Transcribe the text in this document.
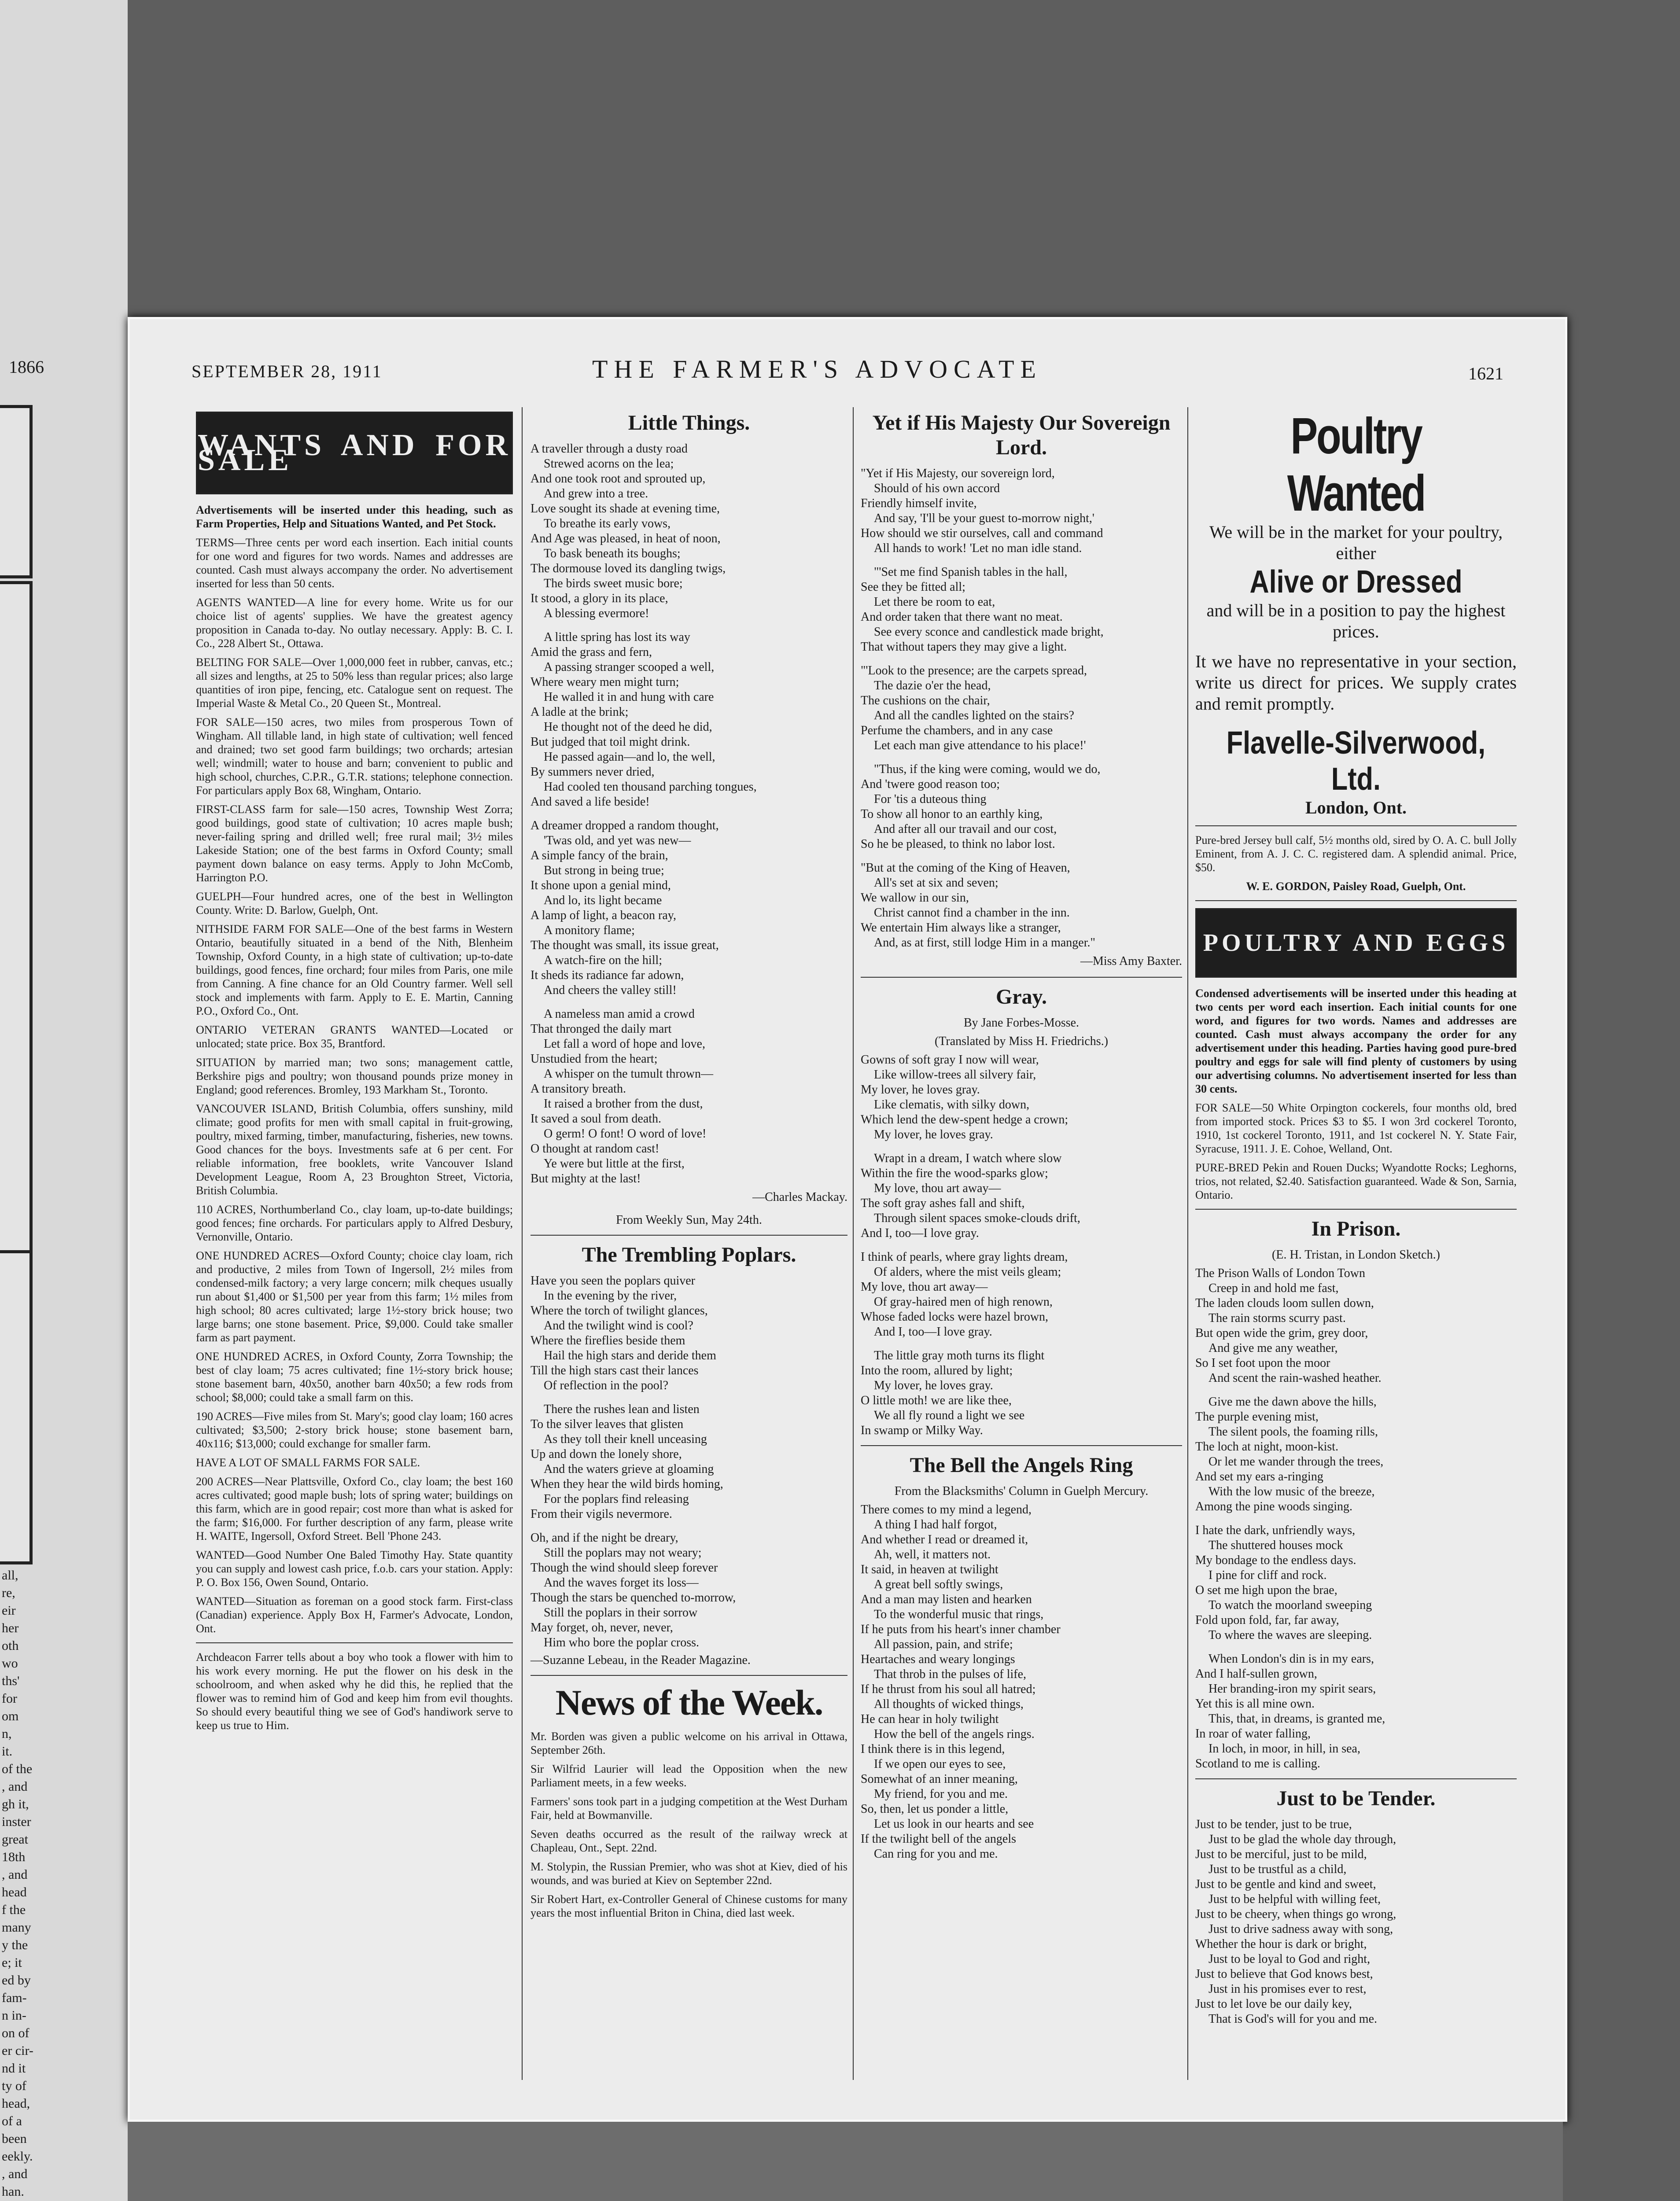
1866
all,
re,
eir
her
oth
wo
ths'
for
om
n,
it.
of the
, and
gh it,
inster
great
18th
, and
head
f the
many
y the
e; it
ed by
fam-
n in-
on of
er cir-
nd it
ty of
head,
of a
been
eekly.
, and
han.
SEPTEMBER 28, 1911	THE FARMER'S ADVOCATE	1621
WANTS AND FOR SALE
Advertisements will be inserted under this heading, such as Farm Properties, Help and Situations Wanted, and Pet Stock.
TERMS—Three cents per word each insertion. Each initial counts for one word and figures for two words. Names and addresses are counted. Cash must always accompany the order. No advertisement inserted for less than 50 cents.
AGENTS WANTED—A line for every home. Write us for our choice list of agents' supplies. We have the greatest agency proposition in Canada to-day. No outlay necessary. Apply: B. C. I. Co., 228 Albert St., Ottawa.
BELTING FOR SALE—Over 1,000,000 feet in rubber, canvas, etc.; all sizes and lengths, at 25 to 50% less than regular prices; also large quantities of iron pipe, fencing, etc. Catalogue sent on request. The Imperial Waste & Metal Co., 20 Queen St., Montreal.
FOR SALE—150 acres, two miles from prosperous Town of Wingham. All tillable land, in high state of cultivation; well fenced and drained; two set good farm buildings; two orchards; artesian well; windmill; water to house and barn; convenient to public and high school, churches, C.P.R., G.T.R. stations; telephone connection. For particulars apply Box 68, Wingham, Ontario.
FIRST-CLASS farm for sale—150 acres, Township West Zorra; good buildings, good state of cultivation; 10 acres maple bush; never-failing spring and drilled well; free rural mail; 3½ miles Lakeside Station; one of the best farms in Oxford County; small payment down balance on easy terms. Apply to John McComb, Harrington P.O.
GUELPH—Four hundred acres, one of the best in Wellington County. Write: D. Barlow, Guelph, Ont.
NITHSIDE FARM FOR SALE—One of the best farms in Western Ontario, beautifully situated in a bend of the Nith, Blenheim Township, Oxford County, in a high state of cultivation; up-to-date buildings, good fences, fine orchard; four miles from Paris, one mile from Canning. A fine chance for an Old Country farmer. Well sell stock and implements with farm. Apply to E. E. Martin, Canning P.O., Oxford Co., Ont.
ONTARIO VETERAN GRANTS WANTED—Located or unlocated; state price. Box 35, Brantford.
SITUATION by married man; two sons; management cattle, Berkshire pigs and poultry; won thousand pounds prize money in England; good references. Bromley, 193 Markham St., Toronto.
VANCOUVER ISLAND, British Columbia, offers sunshiny, mild climate; good profits for men with small capital in fruit-growing, poultry, mixed farming, timber, manufacturing, fisheries, new towns. Good chances for the boys. Investments safe at 6 per cent. For reliable information, free booklets, write Vancouver Island Development League, Room A, 23 Broughton Street, Victoria, British Columbia.
110 ACRES, Northumberland Co., clay loam, up-to-date buildings; good fences; fine orchards. For particulars apply to Alfred Desbury, Vernonville, Ontario.
ONE HUNDRED ACRES—Oxford County; choice clay loam, rich and productive, 2 miles from Town of Ingersoll, 2½ miles from condensed-milk factory; a very large concern; milk cheques usually run about $1,400 or $1,500 per year from this farm; 1½ miles from high school; 80 acres cultivated; large 1½-story brick house; two large barns; one stone basement. Price, $9,000. Could take smaller farm as part payment.
ONE HUNDRED ACRES, in Oxford County, Zorra Township; the best of clay loam; 75 acres cultivated; fine 1½-story brick house; stone basement barn, 40x50, another barn 40x50; a few rods from school; $8,000; could take a small farm on this.
190 ACRES—Five miles from St. Mary's; good clay loam; 160 acres cultivated; $3,500; 2-story brick house; stone basement barn, 40x116; $13,000; could exchange for smaller farm.
HAVE A LOT OF SMALL FARMS FOR SALE.
200 ACRES—Near Plattsville, Oxford Co., clay loam; the best 160 acres cultivated; good maple bush; lots of spring water; buildings on this farm, which are in good repair; cost more than what is asked for the farm; $16,000. For further description of any farm, please write H. WAITE, Ingersoll, Oxford Street. Bell 'Phone 243.
WANTED—Good Number One Baled Timothy Hay. State quantity you can supply and lowest cash price, f.o.b. cars your station. Apply: P. O. Box 156, Owen Sound, Ontario.
WANTED—Situation as foreman on a good stock farm. First-class (Canadian) experience. Apply Box H, Farmer's Advocate, London, Ont.
Archdeacon Farrer tells about a boy who took a flower with him to his work every morning. He put the flower on his desk in the schoolroom, and when asked why he did this, he replied that the flower was to remind him of God and keep him from evil thoughts. So should every beautiful thing we see of God's handiwork serve to keep us true to Him.
Little Things.

A traveller through a dusty road

Strewed acorns on the lea;

And one took root and sprouted up,

And grew into a tree.

Love sought its shade at evening time,

To breathe its early vows,

And Age was pleased, in heat of noon,

To bask beneath its boughs;

The dormouse loved its dangling twigs,

The birds sweet music bore;

It stood, a glory in its place,

A blessing evermore!

A little spring has lost its way

Amid the grass and fern,

A passing stranger scooped a well,

Where weary men might turn;

He walled it in and hung with care

A ladle at the brink;

He thought not of the deed he did,

But judged that toil might drink.

He passed again—and lo, the well,

By summers never dried,

Had cooled ten thousand parching tongues,

And saved a life beside!

A dreamer dropped a random thought,

'Twas old, and yet was new—

A simple fancy of the brain,

But strong in being true;

It shone upon a genial mind,

And lo, its light became

A lamp of light, a beacon ray,

A monitory flame;

The thought was small, its issue great,

A watch-fire on the hill;

It sheds its radiance far adown,

And cheers the valley still!

A nameless man amid a crowd

That thronged the daily mart

Let fall a word of hope and love,

Unstudied from the heart;

A whisper on the tumult thrown—

A transitory breath.

It raised a brother from the dust,

It saved a soul from death.

O germ! O font! O word of love!

O thought at random cast!

Ye were but little at the first,

But mighty at the last!

—Charles Mackay.
From Weekly Sun, May 24th.
The Trembling Poplars.

Have you seen the poplars quiver

In the evening by the river,

Where the torch of twilight glances,

And the twilight wind is cool?

Where the fireflies beside them

Hail the high stars and deride them

Till the high stars cast their lances

Of reflection in the pool?

There the rushes lean and listen

To the silver leaves that glisten

As they toll their knell unceasing

Up and down the lonely shore,

And the waters grieve at gloaming

When they hear the wild birds homing,

For the poplars find releasing

From their vigils nevermore.

Oh, and if the night be dreary,

Still the poplars may not weary;

Though the wind should sleep forever

And the waves forget its loss—

Though the stars be quenched to-morrow,

Still the poplars in their sorrow

May forget, oh, never, never,

Him who bore the poplar cross.

—Suzanne Lebeau, in the Reader Magazine.
News of the Week.
Mr. Borden was given a public welcome on his arrival in Ottawa, September 26th.
Sir Wilfrid Laurier will lead the Opposition when the new Parliament meets, in a few weeks.
Farmers' sons took part in a judging competition at the West Durham Fair, held at Bowmanville.
Seven deaths occurred as the result of the railway wreck at Chapleau, Ont., Sept. 22nd.
M. Stolypin, the Russian Premier, who was shot at Kiev, died of his wounds, and was buried at Kiev on September 22nd.
Sir Robert Hart, ex-Controller General of Chinese customs for many years the most influential Briton in China, died last week.
Yet if His Majesty Our Sovereign Lord.

"Yet if His Majesty, our sovereign lord,

Should of his own accord

Friendly himself invite,

And say, 'I'll be your guest to-morrow night,'

How should we stir ourselves, call and command

All hands to work! 'Let no man idle stand.

"'Set me find Spanish tables in the hall,

See they be fitted all;

Let there be room to eat,

And order taken that there want no meat.

See every sconce and candlestick made bright,

That without tapers they may give a light.

"'Look to the presence; are the carpets spread,

The dazie o'er the head,

The cushions on the chair,

And all the candles lighted on the stairs?

Perfume the chambers, and in any case

Let each man give attendance to his place!'

"Thus, if the king were coming, would we do,

And 'twere good reason too;

For 'tis a duteous thing

To show all honor to an earthly king,

And after all our travail and our cost,

So he be pleased, to think no labor lost.

"But at the coming of the King of Heaven,

All's set at six and seven;

We wallow in our sin,

Christ cannot find a chamber in the inn.

We entertain Him always like a stranger,

And, as at first, still lodge Him in a manger."

—Miss Amy Baxter.
Gray.
By Jane Forbes-Mosse.
(Translated by Miss H. Friedrichs.)

Gowns of soft gray I now will wear,

Like willow-trees all silvery fair,

My lover, he loves gray.

Like clematis, with silky down,

Which lend the dew-spent hedge a crown;

My lover, he loves gray.

Wrapt in a dream, I watch where slow

Within the fire the wood-sparks glow;

My love, thou art away—

The soft gray ashes fall and shift,

Through silent spaces smoke-clouds drift,

And I, too—I love gray.

I think of pearls, where gray lights dream,

Of alders, where the mist veils gleam;

My love, thou art away—

Of gray-haired men of high renown,

Whose faded locks were hazel brown,

And I, too—I love gray.

The little gray moth turns its flight

Into the room, allured by light;

My lover, he loves gray.

O little moth! we are like thee,

We all fly round a light we see

In swamp or Milky Way.

The Bell the Angels Ring
From the Blacksmiths' Column in Guelph Mercury.

There comes to my mind a legend,

A thing I had half forgot,

And whether I read or dreamed it,

Ah, well, it matters not.

It said, in heaven at twilight

A great bell softly swings,

And a man may listen and hearken

To the wonderful music that rings,

If he puts from his heart's inner chamber

All passion, pain, and strife;

Heartaches and weary longings

That throb in the pulses of life,

If he thrust from his soul all hatred;

All thoughts of wicked things,

He can hear in holy twilight

How the bell of the angels rings.

I think there is in this legend,

If we open our eyes to see,

Somewhat of an inner meaning,

My friend, for you and me.

So, then, let us ponder a little,

Let us look in our hearts and see

If the twilight bell of the angels

Can ring for you and me.

Poultry Wanted
We will be in the market for your poultry, either
Alive or Dressed
and will be in a position to pay the highest prices.
It we have no representative in your section, write us direct for prices. We supply crates and remit promptly.
Flavelle-Silverwood, Ltd.
London, Ont.
Pure-bred Jersey bull calf, 5½ months old, sired by O. A. C. bull Jolly Eminent, from A. J. C. C. registered dam. A splendid animal. Price, $50.
W. E. GORDON, Paisley Road, Guelph, Ont.
POULTRY AND EGGS
Condensed advertisements will be inserted under this heading at two cents per word each insertion. Each initial counts for one word, and figures for two words. Names and addresses are counted. Cash must always accompany the order for any advertisement under this heading. Parties having good pure-bred poultry and eggs for sale will find plenty of customers by using our advertising columns. No advertisement inserted for less than 30 cents.
FOR SALE—50 White Orpington cockerels, four months old, bred from imported stock. Prices $3 to $5. I won 3rd cockerel Toronto, 1910, 1st cockerel Toronto, 1911, and 1st cockerel N. Y. State Fair, Syracuse, 1911. J. E. Cohoe, Welland, Ont.
PURE-BRED Pekin and Rouen Ducks; Wyandotte Rocks; Leghorns, trios, not related, $2.40. Satisfaction guaranteed. Wade & Son, Sarnia, Ontario.
In Prison.
(E. H. Tristan, in London Sketch.)

The Prison Walls of London Town

Creep in and hold me fast,

The laden clouds loom sullen down,

The rain storms scurry past.

But open wide the grim, grey door,

And give me any weather,

So I set foot upon the moor

And scent the rain-washed heather.

Give me the dawn above the hills,

The purple evening mist,

The silent pools, the foaming rills,

The loch at night, moon-kist.

Or let me wander through the trees,

And set my ears a-ringing

With the low music of the breeze,

Among the pine woods singing.

I hate the dark, unfriendly ways,

The shuttered houses mock

My bondage to the endless days.

I pine for cliff and rock.

O set me high upon the brae,

To watch the moorland sweeping

Fold upon fold, far, far away,

To where the waves are sleeping.

When London's din is in my ears,

And I half-sullen grown,

Her branding-iron my spirit sears,

Yet this is all mine own.

This, that, in dreams, is granted me,

In roar of water falling,

In loch, in moor, in hill, in sea,

Scotland to me is calling.

Just to be Tender.

Just to be tender, just to be true,

Just to be glad the whole day through,

Just to be merciful, just to be mild,

Just to be trustful as a child,

Just to be gentle and kind and sweet,

Just to be helpful with willing feet,

Just to be cheery, when things go wrong,

Just to drive sadness away with song,

Whether the hour is dark or bright,

Just to be loyal to God and right,

Just to believe that God knows best,

Just in his promises ever to rest,

Just to let love be our daily key,

That is God's will for you and me.
